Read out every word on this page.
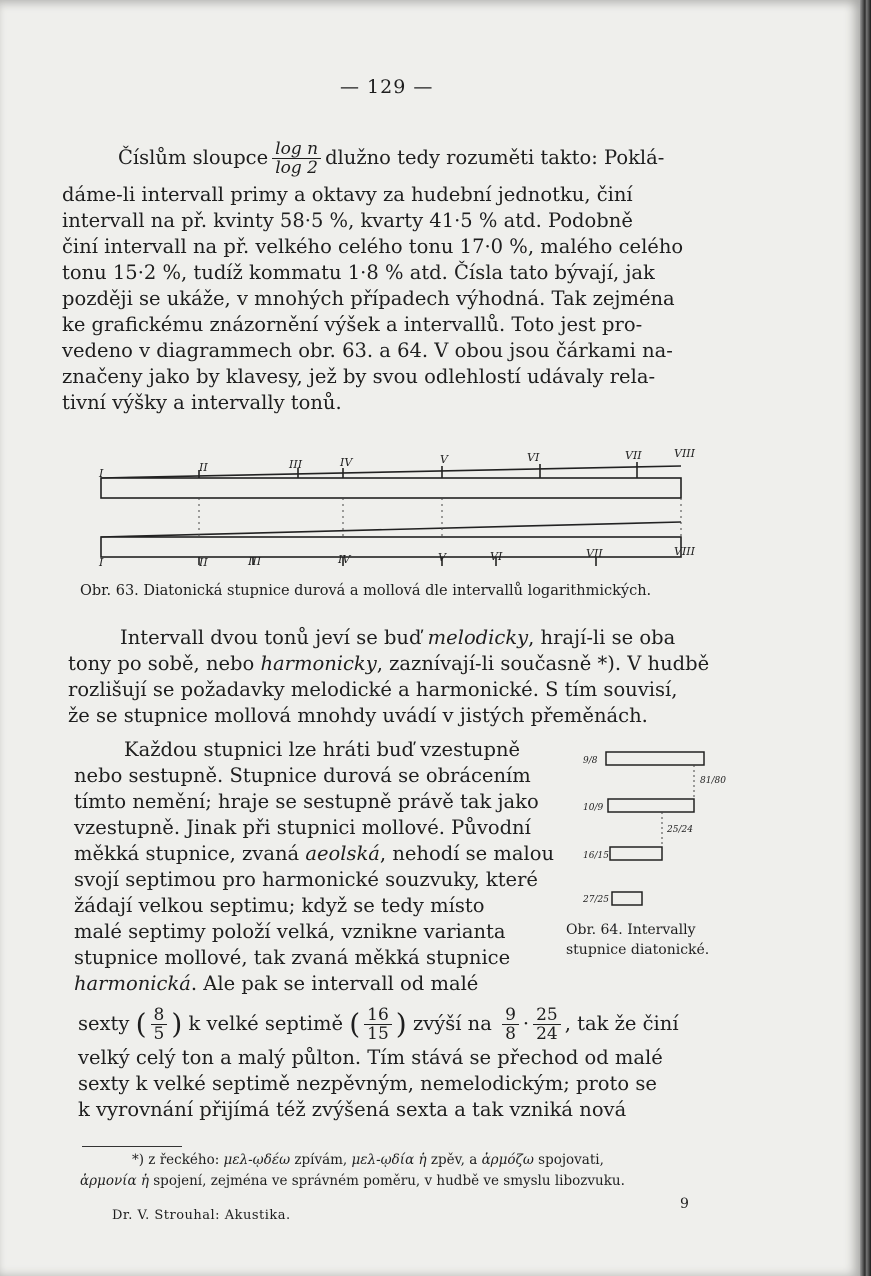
— 129 —
Číslům sloupce $\frac{\text{log n}}{\log 2}$ dlužno tedy rozuměti takto: Poklá-
dáme-li intervall primy a oktavy za hudební jednotku, činí
intervall na př. kvinty 58·5 %, kvarty 41·5 % atd. Podobně
činí intervall na př. velkého celého tonu 17·0 %, malého celého
tonu 15·2 %, tudíž kommatu 1·8 % atd. Čísla tato bývají, jak
později se ukáže, v mnohých případech výhodná. Tak zejména
ke grafickému znázornění výšek a intervallů. Toto jest pro-
vedeno v diagrammech obr. 63. a 64. V obou jsou čárkami na-
značeny jako by klavesy, jež by svou odlehlostí udávaly rela-
tivní výšky a intervally tonů.
I	II	III	IV	V	VI	VII	VIII
I	II	III	IV	V	VI	VII	VIII
Obr. 63. Diatonická stupnice durová a mollová dle intervallů logarithmických.
Intervall dvou tonů jeví se buď melodicky, hrají-li se oba
tony po sobě, nebo harmonicky, zaznívají-li současně *). V hudbě
rozlišují se požadavky melodické a harmonické. S tím souvisí,
že se stupnice mollová mnohdy uvádí v jistých přeměnách.
Každou stupnici lze hráti buď vzestupně
nebo sestupně. Stupnice durová se obrácením
tímto nemění; hraje se sestupně právě tak jako
vzestupně. Jinak při stupnici mollové. Původní
měkká stupnice, zvaná aeolská, nehodí se malou
svojí septimou pro harmonické souzvuky, které
žádají velkou septimu; když se tedy místo
malé septimy položí velká, vznikne varianta
stupnice mollové, tak zvaná měkká stupnice
harmonická. Ale pak se intervall od malé
sexty ( $\frac{8}{5}$ ) k velké septimě ( $\frac{16}{15}$ ) zvýší na $\frac{9}{8} \cdot \frac{25}{24}$ , tak že činí
velký celý ton a malý půlton. Tím stává se přechod od malé
sexty k velké septimě nezpěvným, nemelodickým; proto se
k vyrovnání přijímá též zvýšená sexta a tak vzniká nová
9/8
10/9
16/15
27/25
81/80
25/24
Obr. 64. Intervally
stupnice diatonické.
*) z řeckého: μελ-ῳδέω zpívám, μελ-ῳδία ἡ zpěv, a ἁρμόζω spojovati,
ἁρμονία ἡ spojení, zejména ve správném poměru, v hudbě ve smyslu libozvuku.
Dr. V. Strouhal: Akustika.
9
